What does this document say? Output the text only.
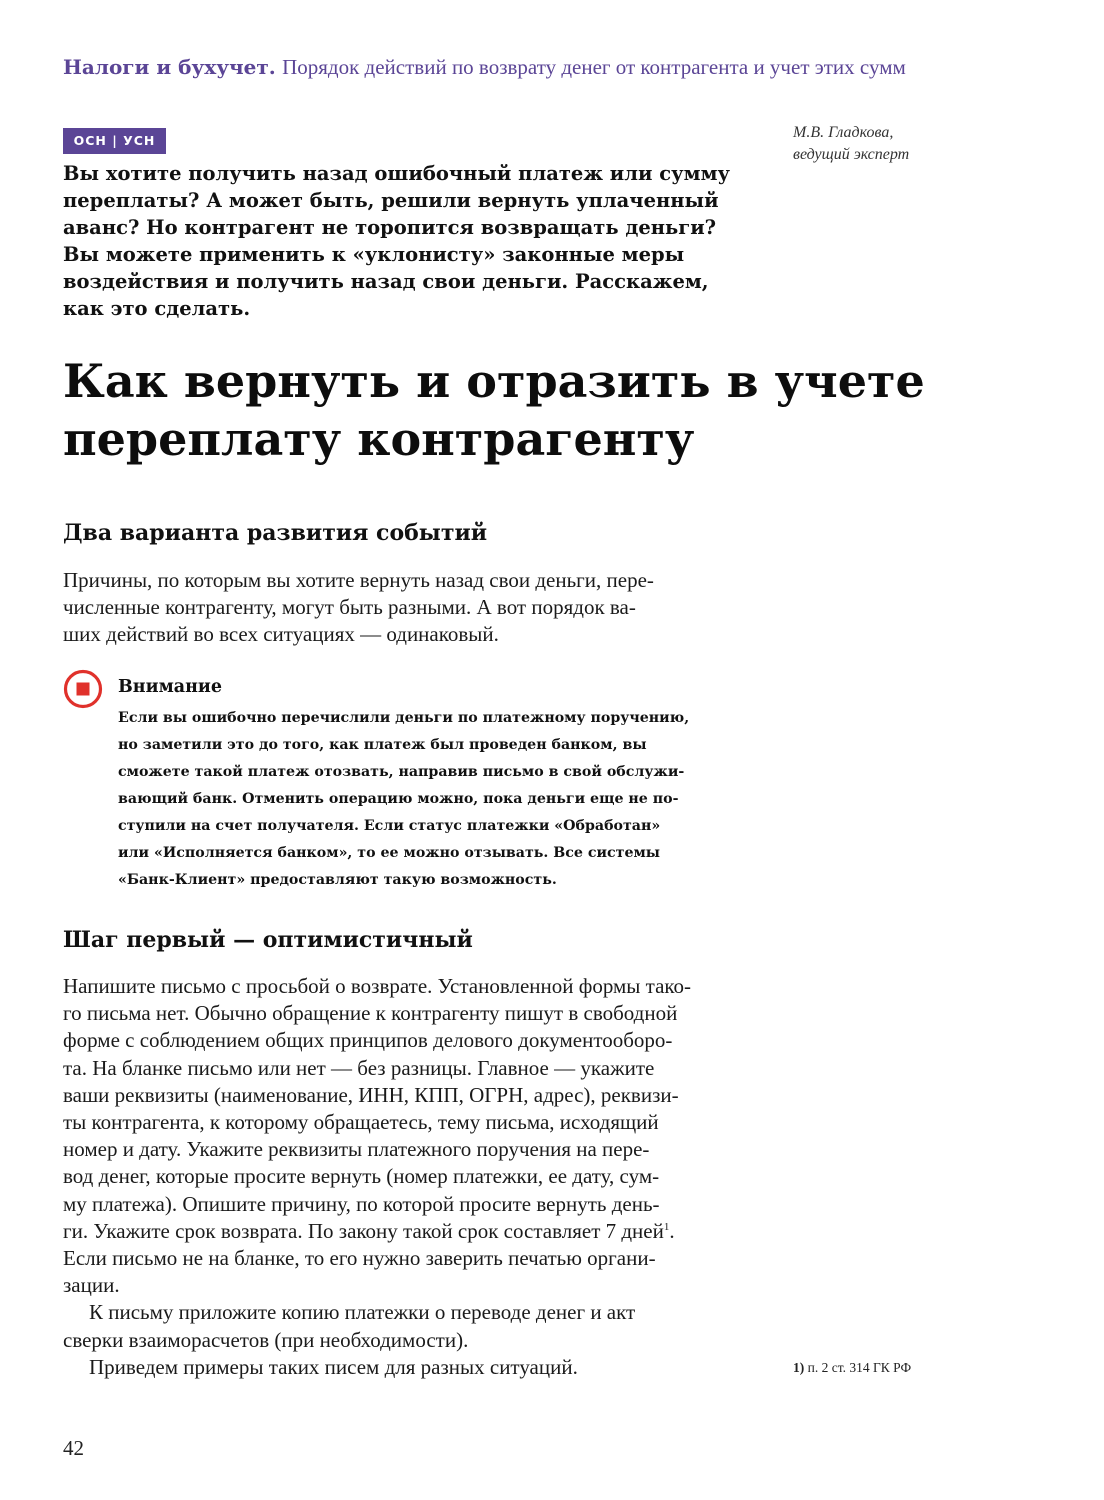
Налоги и бухучет. Порядок действий по возврату денег от контрагента и учет этих сумм
ОСН | УСН	М.В. Гладкова,
ведущий эксперт
Вы хотите получить назад ошибочный платеж или сумму
переплаты? А может быть, решили вернуть уплаченный
аванс? Но контрагент не торопится возвращать деньги?
Вы можете применить к «уклонисту» законные меры
воздействия и получить назад свои деньги. Расскажем,
как это сделать.
Как вернуть и отразить в учете
переплату контрагенту
Два варианта развития событий
Причины, по которым вы хотите вернуть назад свои деньги, пере-
численные контрагенту, могут быть разными. А вот порядок ва-
ших действий во всех ситуациях — одинаковый.
Внимание
Если вы ошибочно перечислили деньги по платежному поручению,
но заметили это до того, как платеж был проведен банком, вы
сможете такой платеж отозвать, направив письмо в свой обслужи-
вающий банк. Отменить операцию можно, пока деньги еще не по-
ступили на счет получателя. Если статус платежки «Обработан»
или «Исполняется банком», то ее можно отзывать. Все системы
«Банк-Клиент» предоставляют такую возможность.
Шаг первый — оптимистичный
Напишите письмо с просьбой о возврате. Установленной формы тако-
го письма нет. Обычно обращение к контрагенту пишут в свободной
форме с соблюдением общих принципов делового документооборо-
та. На бланке письмо или нет — без разницы. Главное — укажите
ваши реквизиты (наименование, ИНН, КПП, ОГРН, адрес), реквизи-
ты контрагента, к которому обращаетесь, тему письма, исходящий
номер и дату. Укажите реквизиты платежного поручения на пере-
вод денег, которые просите вернуть (номер платежки, ее дату, сум-
му платежа). Опишите причину, по которой просите вернуть день-
ги. Укажите срок возврата. По закону такой срок составляет 7 дней$^1$.
Если письмо не на бланке, то его нужно заверить печатью органи-
зации.
К письму приложите копию платежки о переводе денег и акт
сверки взаиморасчетов (при необходимости).
Приведем примеры таких писем для разных ситуаций.	1) п. 2 ст. 314 ГК РФ
42
